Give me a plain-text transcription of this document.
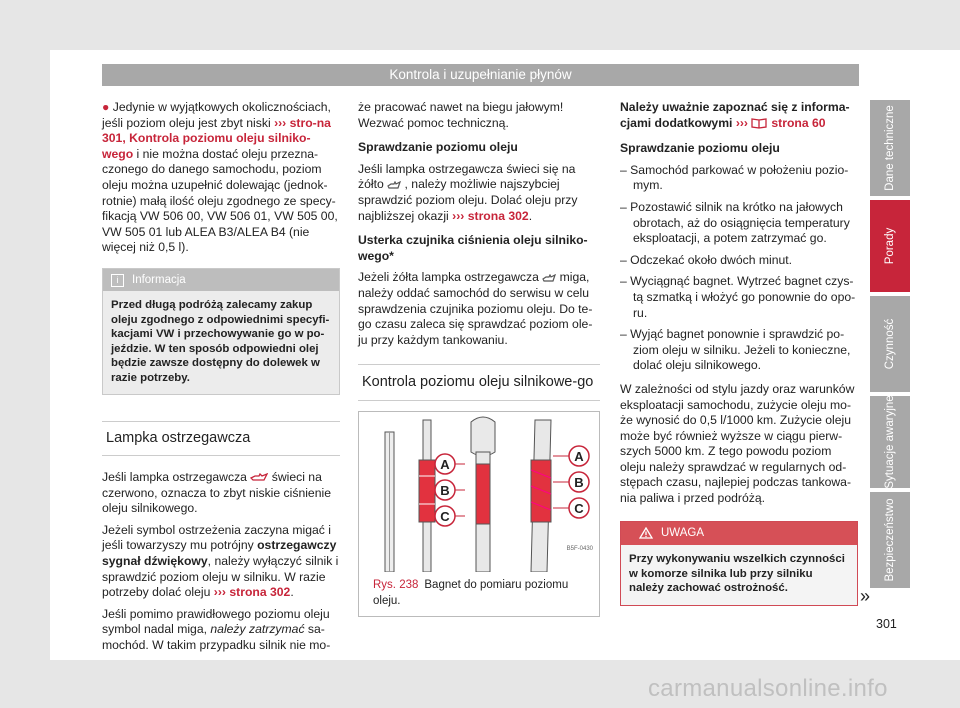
Kontrola i uzupełnianie płynów

● Jedynie w wyjątkowych okolicznościach, jeśli poziom oleju jest zbyt niski ››› stro-na 301, Kontrola poziomu oleju silniko-wego i nie można dostać oleju przezna-czonego do danego samochodu, poziom oleju można uzupełnić dolewając (jednok-rotnie) małą ilość oleju zgodnego ze specy-fikacją VW 506 00, VW 506 01, VW 505 00, VW 505 01 lub ALEA B3/ALEA B4 (nie więcej niż 0,5 l).

i Informacja
Przed długą podróżą zalecamy zakup oleju zgodnego z odpowiednimi specyfi-kacjami VW i przechowywanie go w po-jeździe. W ten sposób odpowiedni olej będzie zawsze dostępny do dolewek w razie potrzeby.
Lampka ostrzegawcza

Jeśli lampka ostrzegawcza  świeci na czerwono, oznacza to zbyt niskie ciśnienie oleju silnikowego.

Jeżeli symbol ostrzeżenia zaczyna migać i jeśli towarzyszy mu potrójny ostrzegawczy sygnał dźwiękowy, należy wyłączyć silnik i sprawdzić poziom oleju w silniku. W razie potrzeby dolać oleju ››› strona 302.

Jeśli pomimo prawidłowego poziomu oleju symbol nadal miga, należy zatrzymać sa-mochód. W takim przypadku silnik nie mo-

że pracować nawet na biegu jałowym! Wezwać pomoc techniczną.

Sprawdzanie poziomu oleju

Jeśli lampka ostrzegawcza świeci się na żółto  , należy możliwie najszybciej sprawdzić poziom oleju. Dolać oleju przy najbliższej okazji ››› strona 302.

Usterka czujnika ciśnienia oleju silniko-wego*

Jeżeli żółta lampka ostrzegawcza  miga, należy oddać samochód do serwisu w celu sprawdzenia czujnika poziomu oleju. Do te-go czasu zaleca się sprawdzać poziom ole-ju przy każdym tankowaniu.

Kontrola poziomu oleju silnikowe-go
A
B
C
A
B
C
B5F-0430
Rys. 238 Bagnet do pomiaru poziomu oleju.

Należy uważnie zapoznać się z informa-cjami dodatkowymi ››› strona 60

Sprawdzanie poziomu oleju

– Samochód parkować w położeniu pozio-mym.
– Pozostawić silnik na krótko na jałowych obrotach, aż do osiągnięcia temperatury eksploatacji, a potem zatrzymać go.
– Odczekać około dwóch minut.
– Wyciągnąć bagnet. Wytrzeć bagnet czys-tą szmatką i włożyć go ponownie do opo-ru.
– Wyjąć bagnet ponownie i sprawdzić po-ziom oleju w silniku. Jeżeli to konieczne, dolać oleju silnikowego.

W zależności od stylu jazdy oraz warunków eksploatacji samochodu, zużycie oleju mo-że wynosić do 0,5 l/1000 km. Zużycie oleju może być również wyższe w ciągu pierw-szych 5000 km. Z tego powodu poziom oleju należy sprawdzać w regularnych od-stępach czasu, najlepiej podczas tankowa-nia paliwa i przed podróżą.

UWAGA
Przy wykonywaniu wszelkich czynności w komorze silnika lub przy silniku należy zachować ostrożność.	»
Dane techniczne
Porady
Czynność
Sytuacje awaryjne
Bezpieczeństwo
301
carmanualsonline.info
